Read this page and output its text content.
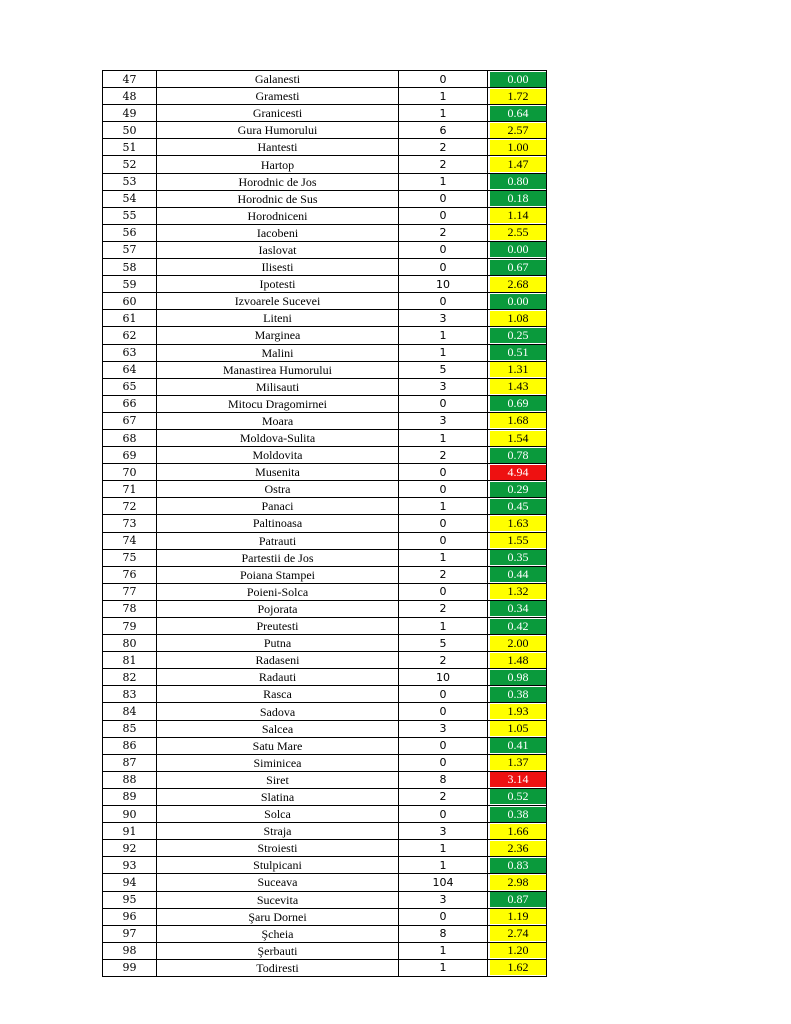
47	Galanesti	0	0.00

48	Gramesti	1	1.72

49	Granicesti	1	0.64

50	Gura Humorului	6	2.57

51	Hantesti	2	1.00

52	Hartop	2	1.47

53	Horodnic de Jos	1	0.80

54	Horodnic de Sus	0	0.18

55	Horodniceni	0	1.14

56	Iacobeni	2	2.55

57	Iaslovat	0	0.00

58	Ilisesti	0	0.67

59	Ipotesti	10	2.68

60	Izvoarele Sucevei	0	0.00

61	Liteni	3	1.08

62	Marginea	1	0.25

63	Malini	1	0.51

64	Manastirea Humorului	5	1.31

65	Milisauti	3	1.43

66	Mitocu Dragomirnei	0	0.69

67	Moara	3	1.68

68	Moldova-Sulita	1	1.54

69	Moldovita	2	0.78

70	Musenita	0	4.94

71	Ostra	0	0.29

72	Panaci	1	0.45

73	Paltinoasa	0	1.63

74	Patrauti	0	1.55

75	Partestii de Jos	1	0.35

76	Poiana Stampei	2	0.44

77	Poieni-Solca	0	1.32

78	Pojorata	2	0.34

79	Preutesti	1	0.42

80	Putna	5	2.00

81	Radaseni	2	1.48

82	Radauti	10	0.98

83	Rasca	0	0.38

84	Sadova	0	1.93

85	Salcea	3	1.05

86	Satu Mare	0	0.41

87	Siminicea	0	1.37

88	Siret	8	3.14

89	Slatina	2	0.52

90	Solca	0	0.38

91	Straja	3	1.66

92	Stroiesti	1	2.36

93	Stulpicani	1	0.83

94	Suceava	104	2.98

95	Sucevita	3	0.87

96	Şaru Dornei	0	1.19

97	Şcheia	8	2.74

98	Şerbauti	1	1.20

99	Todiresti	1	1.62
